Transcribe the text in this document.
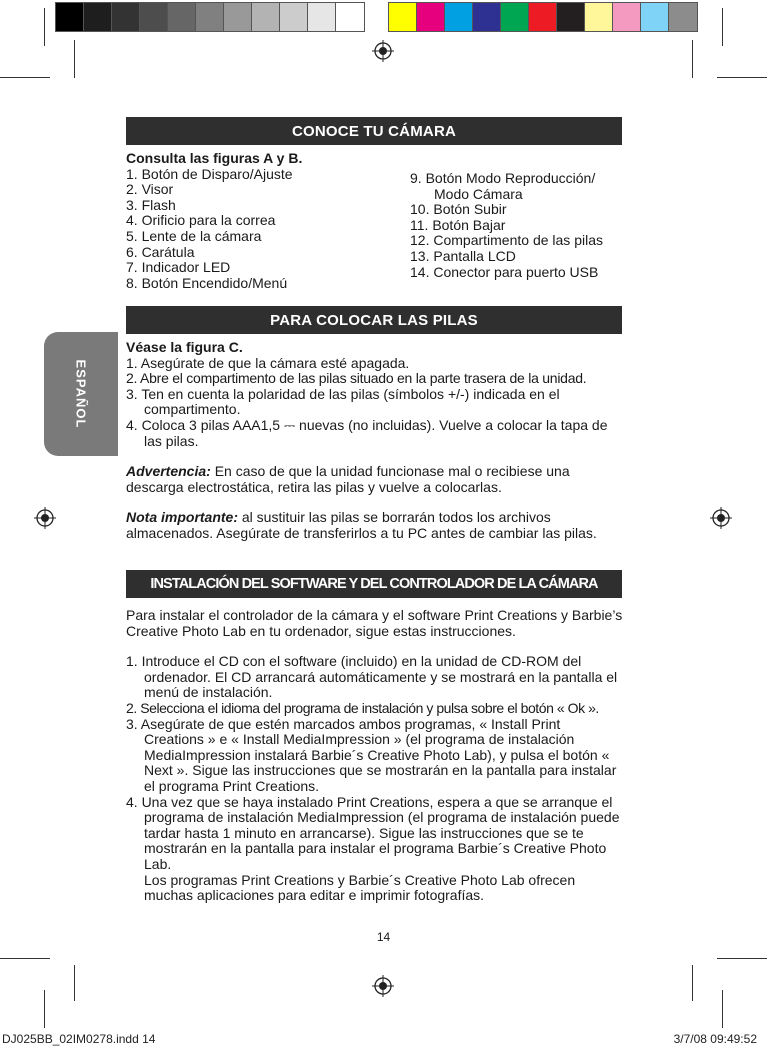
ESPAÑOL
CONOCE TU CÁMARA

Consulta las figuras A y B.

1. Botón de Disparo/Ajuste

2. Visor

3. Flash

4. Orificio para la correa

5. Lente de la cámara

6. Carátula

7. Indicador LED

8. Botón Encendido/Menú

9. Botón Modo Reproducción/

Modo Cámara

10. Botón Subir

11. Botón Bajar

12. Compartimento de las pilas

13. Pantalla LCD

14. Conector para puerto USB

PARA COLOCAR LAS PILAS

Véase la figura C.

1. Asegúrate de que la cámara esté apagada.

2. Abre el compartimento de las pilas situado en la parte trasera de la unidad.

3. Ten en cuenta la polaridad de las pilas (símbolos +/-) indicada en el compartimento.

4. Coloca 3 pilas AAA1,5 ⎓ nuevas (no incluidas). Vuelve a colocar la tapa de las pilas.

Advertencia: En caso de que la unidad funcionase mal o recibiese una descarga electrostática, retira las pilas y vuelve a colocarlas.

Nota importante: al sustituir las pilas se borrarán todos los archivos almacenados. Asegúrate de transferirlos a tu PC antes de cambiar las pilas.

INSTALACIÓN DEL SOFTWARE Y DEL CONTROLADOR DE LA CÁMARA

Para instalar el controlador de la cámara y el software Print Creations y Barbie’s Creative Photo Lab en tu ordenador, sigue estas instrucciones.

1. Introduce el CD con el software (incluido) en la unidad de CD-ROM del ordenador. El CD arrancará automáticamente y se mostrará en la pantalla el menú de instalación.

2. Selecciona el idioma del programa de instalación y pulsa sobre el botón « Ok ».

3. Asegúrate de que estén marcados ambos programas, « Install Print Creations » e « Install MediaImpression » (el programa de instalación MediaImpression instalará Barbie´s Creative Photo Lab), y pulsa el botón « Next ». Sigue las instrucciones que se mostrarán en la pantalla para instalar el programa Print Creations.

4. Una vez que se haya instalado Print Creations, espera a que se arranque el programa de instalación MediaImpression (el programa de instalación puede tardar hasta 1 minuto en arrancarse). Sigue las instrucciones que se te mostrarán en la pantalla para instalar el programa Barbie´s Creative Photo Lab.

Los programas Print Creations y Barbie´s Creative Photo Lab ofrecen muchas aplicaciones para editar e imprimir fotografías.

14
DJ025BB_02IM0278.indd 14	3/7/08 09:49:52
